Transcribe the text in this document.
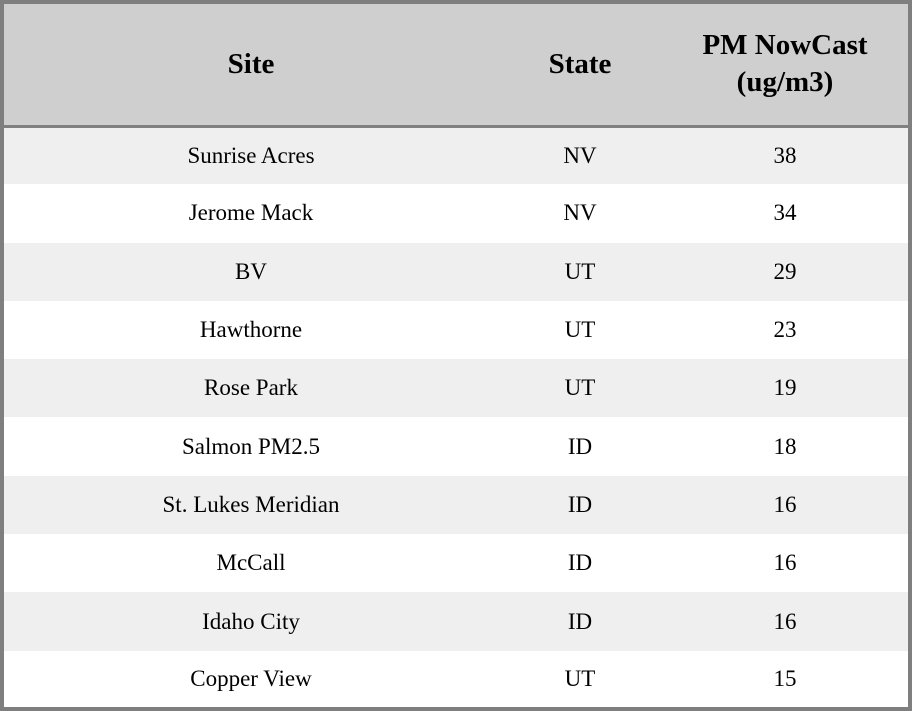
Site	State	PM NowCast (ug/m3)
Sunrise Acres	NV	38
Jerome Mack	NV	34
BV	UT	29
Hawthorne	UT	23
Rose Park	UT	19
Salmon PM2.5	ID	18
St. Lukes Meridian	ID	16
McCall	ID	16
Idaho City	ID	16
Copper View	UT	15
